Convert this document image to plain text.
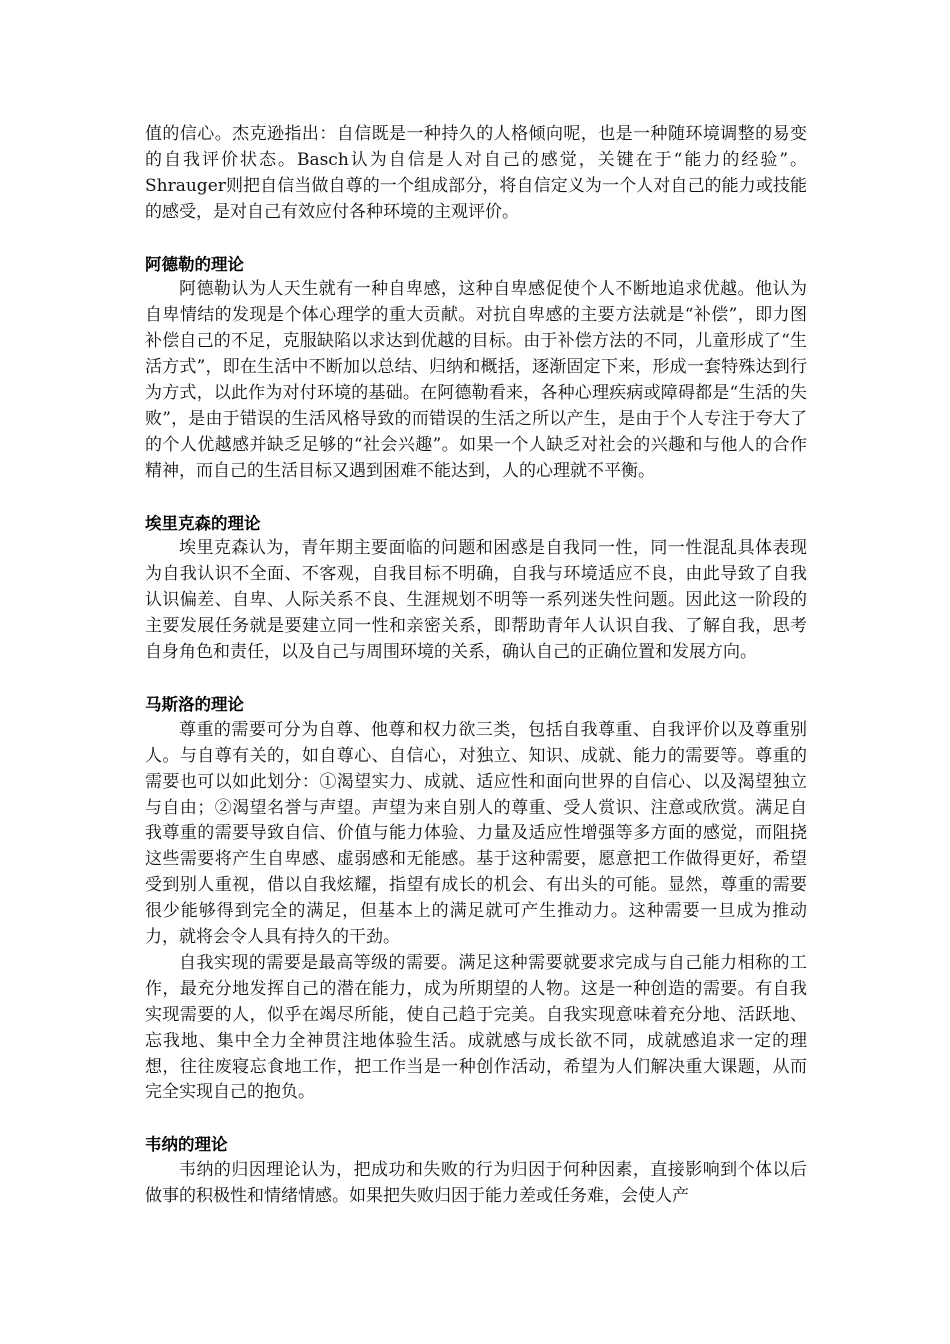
值的信心。杰克逊指出：自信既是一种持久的人格倾向呢，也是一种随环境调整的易变的自我评价状态。Basch认为自信是人对自己的感觉，关键在于“能力的经验”。Shrauger则把自信当做自尊的一个组成部分，将自信定义为一个人对自己的能力或技能的感受，是对自己有效应付各种环境的主观评价。

阿德勒的理论

阿德勒认为人天生就有一种自卑感，这种自卑感促使个人不断地追求优越。他认为自卑情结的发现是个体心理学的重大贡献。对抗自卑感的主要方法就是“补偿”，即力图补偿自己的不足，克服缺陷以求达到优越的目标。由于补偿方法的不同，儿童形成了“生活方式”，即在生活中不断加以总结、归纳和概括，逐渐固定下来，形成一套特殊达到行为方式，以此作为对付环境的基础。在阿德勒看来，各种心理疾病或障碍都是“生活的失败”，是由于错误的生活风格导致的而错误的生活之所以产生，是由于个人专注于夸大了的个人优越感并缺乏足够的“社会兴趣”。如果一个人缺乏对社会的兴趣和与他人的合作精神，而自己的生活目标又遇到困难不能达到，人的心理就不平衡。

埃里克森的理论

埃里克森认为，青年期主要面临的问题和困惑是自我同一性，同一性混乱具体表现为自我认识不全面、不客观，自我目标不明确，自我与环境适应不良，由此导致了自我认识偏差、自卑、人际关系不良、生涯规划不明等一系列迷失性问题。因此这一阶段的主要发展任务就是要建立同一性和亲密关系，即帮助青年人认识自我、了解自我，思考自身角色和责任，以及自己与周围环境的关系，确认自己的正确位置和发展方向。

马斯洛的理论

尊重的需要可分为自尊、他尊和权力欲三类，包括自我尊重、自我评价以及尊重别人。与自尊有关的，如自尊心、自信心，对独立、知识、成就、能力的需要等。尊重的需要也可以如此划分：①渴望实力、成就、适应性和面向世界的自信心、以及渴望独立与自由；②渴望名誉与声望。声望为来自别人的尊重、受人赏识、注意或欣赏。满足自我尊重的需要导致自信、价值与能力体验、力量及适应性增强等多方面的感觉，而阻挠这些需要将产生自卑感、虚弱感和无能感。基于这种需要，愿意把工作做得更好，希望受到别人重视，借以自我炫耀，指望有成长的机会、有出头的可能。显然，尊重的需要很少能够得到完全的满足，但基本上的满足就可产生推动力。这种需要一旦成为推动力，就将会令人具有持久的干劲。

自我实现的需要是最高等级的需要。满足这种需要就要求完成与自己能力相称的工作，最充分地发挥自己的潜在能力，成为所期望的人物。这是一种创造的需要。有自我实现需要的人，似乎在竭尽所能，使自己趋于完美。自我实现意味着充分地、活跃地、忘我地、集中全力全神贯注地体验生活。成就感与成长欲不同，成就感追求一定的理想，往往废寝忘食地工作，把工作当是一种创作活动，希望为人们解决重大课题，从而完全实现自己的抱负。

韦纳的理论

韦纳的归因理论认为，把成功和失败的行为归因于何种因素，直接影响到个体以后做事的积极性和情绪情感。如果把失败归因于能力差或任务难，会使人产
